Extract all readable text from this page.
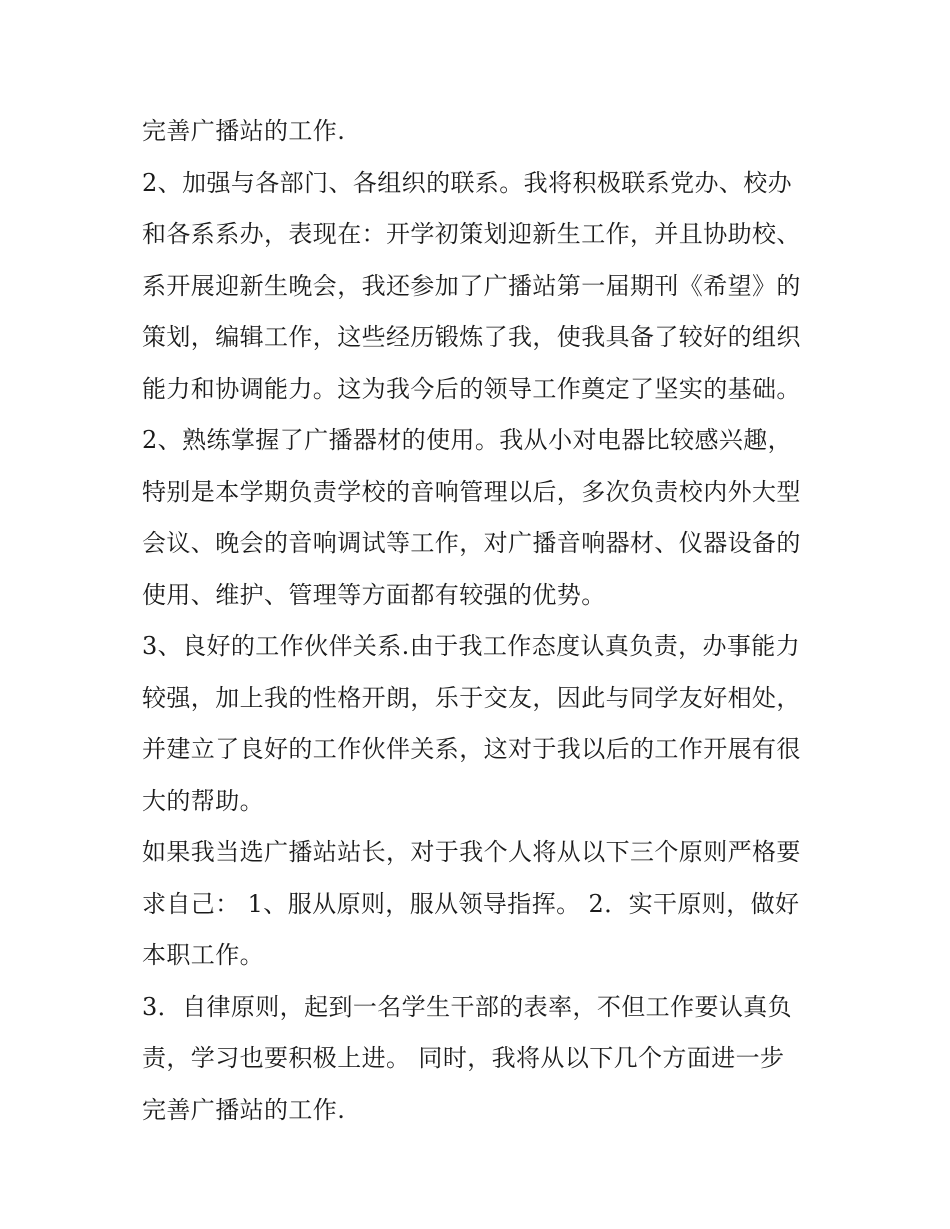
完善广播站的工作.
2、加强与各部门、各组织的联系。我将积极联系党办、校办
和各系系办，表现在：开学初策划迎新生工作，并且协助校、
系开展迎新生晚会，我还参加了广播站第一届期刊《希望》的
策划，编辑工作，这些经历锻炼了我，使我具备了较好的组织
能力和协调能力。这为我今后的领导工作奠定了坚实的基础。
2、熟练掌握了广播器材的使用。我从小对电器比较感兴趣，
特别是本学期负责学校的音响管理以后，多次负责校内外大型
会议、晚会的音响调试等工作，对广播音响器材、仪器设备的
使用、维护、管理等方面都有较强的优势。
3、良好的工作伙伴关系.由于我工作态度认真负责，办事能力
较强，加上我的性格开朗，乐于交友，因此与同学友好相处，
并建立了良好的工作伙伴关系，这对于我以后的工作开展有很
大的帮助。
如果我当选广播站站长，对于我个人将从以下三个原则严格要
求自己： 1、服从原则，服从领导指挥。 2．实干原则，做好
本职工作。
3．自律原则，起到一名学生干部的表率，不但工作要认真负
责，学习也要积极上进。 同时，我将从以下几个方面进一步
完善广播站的工作.
